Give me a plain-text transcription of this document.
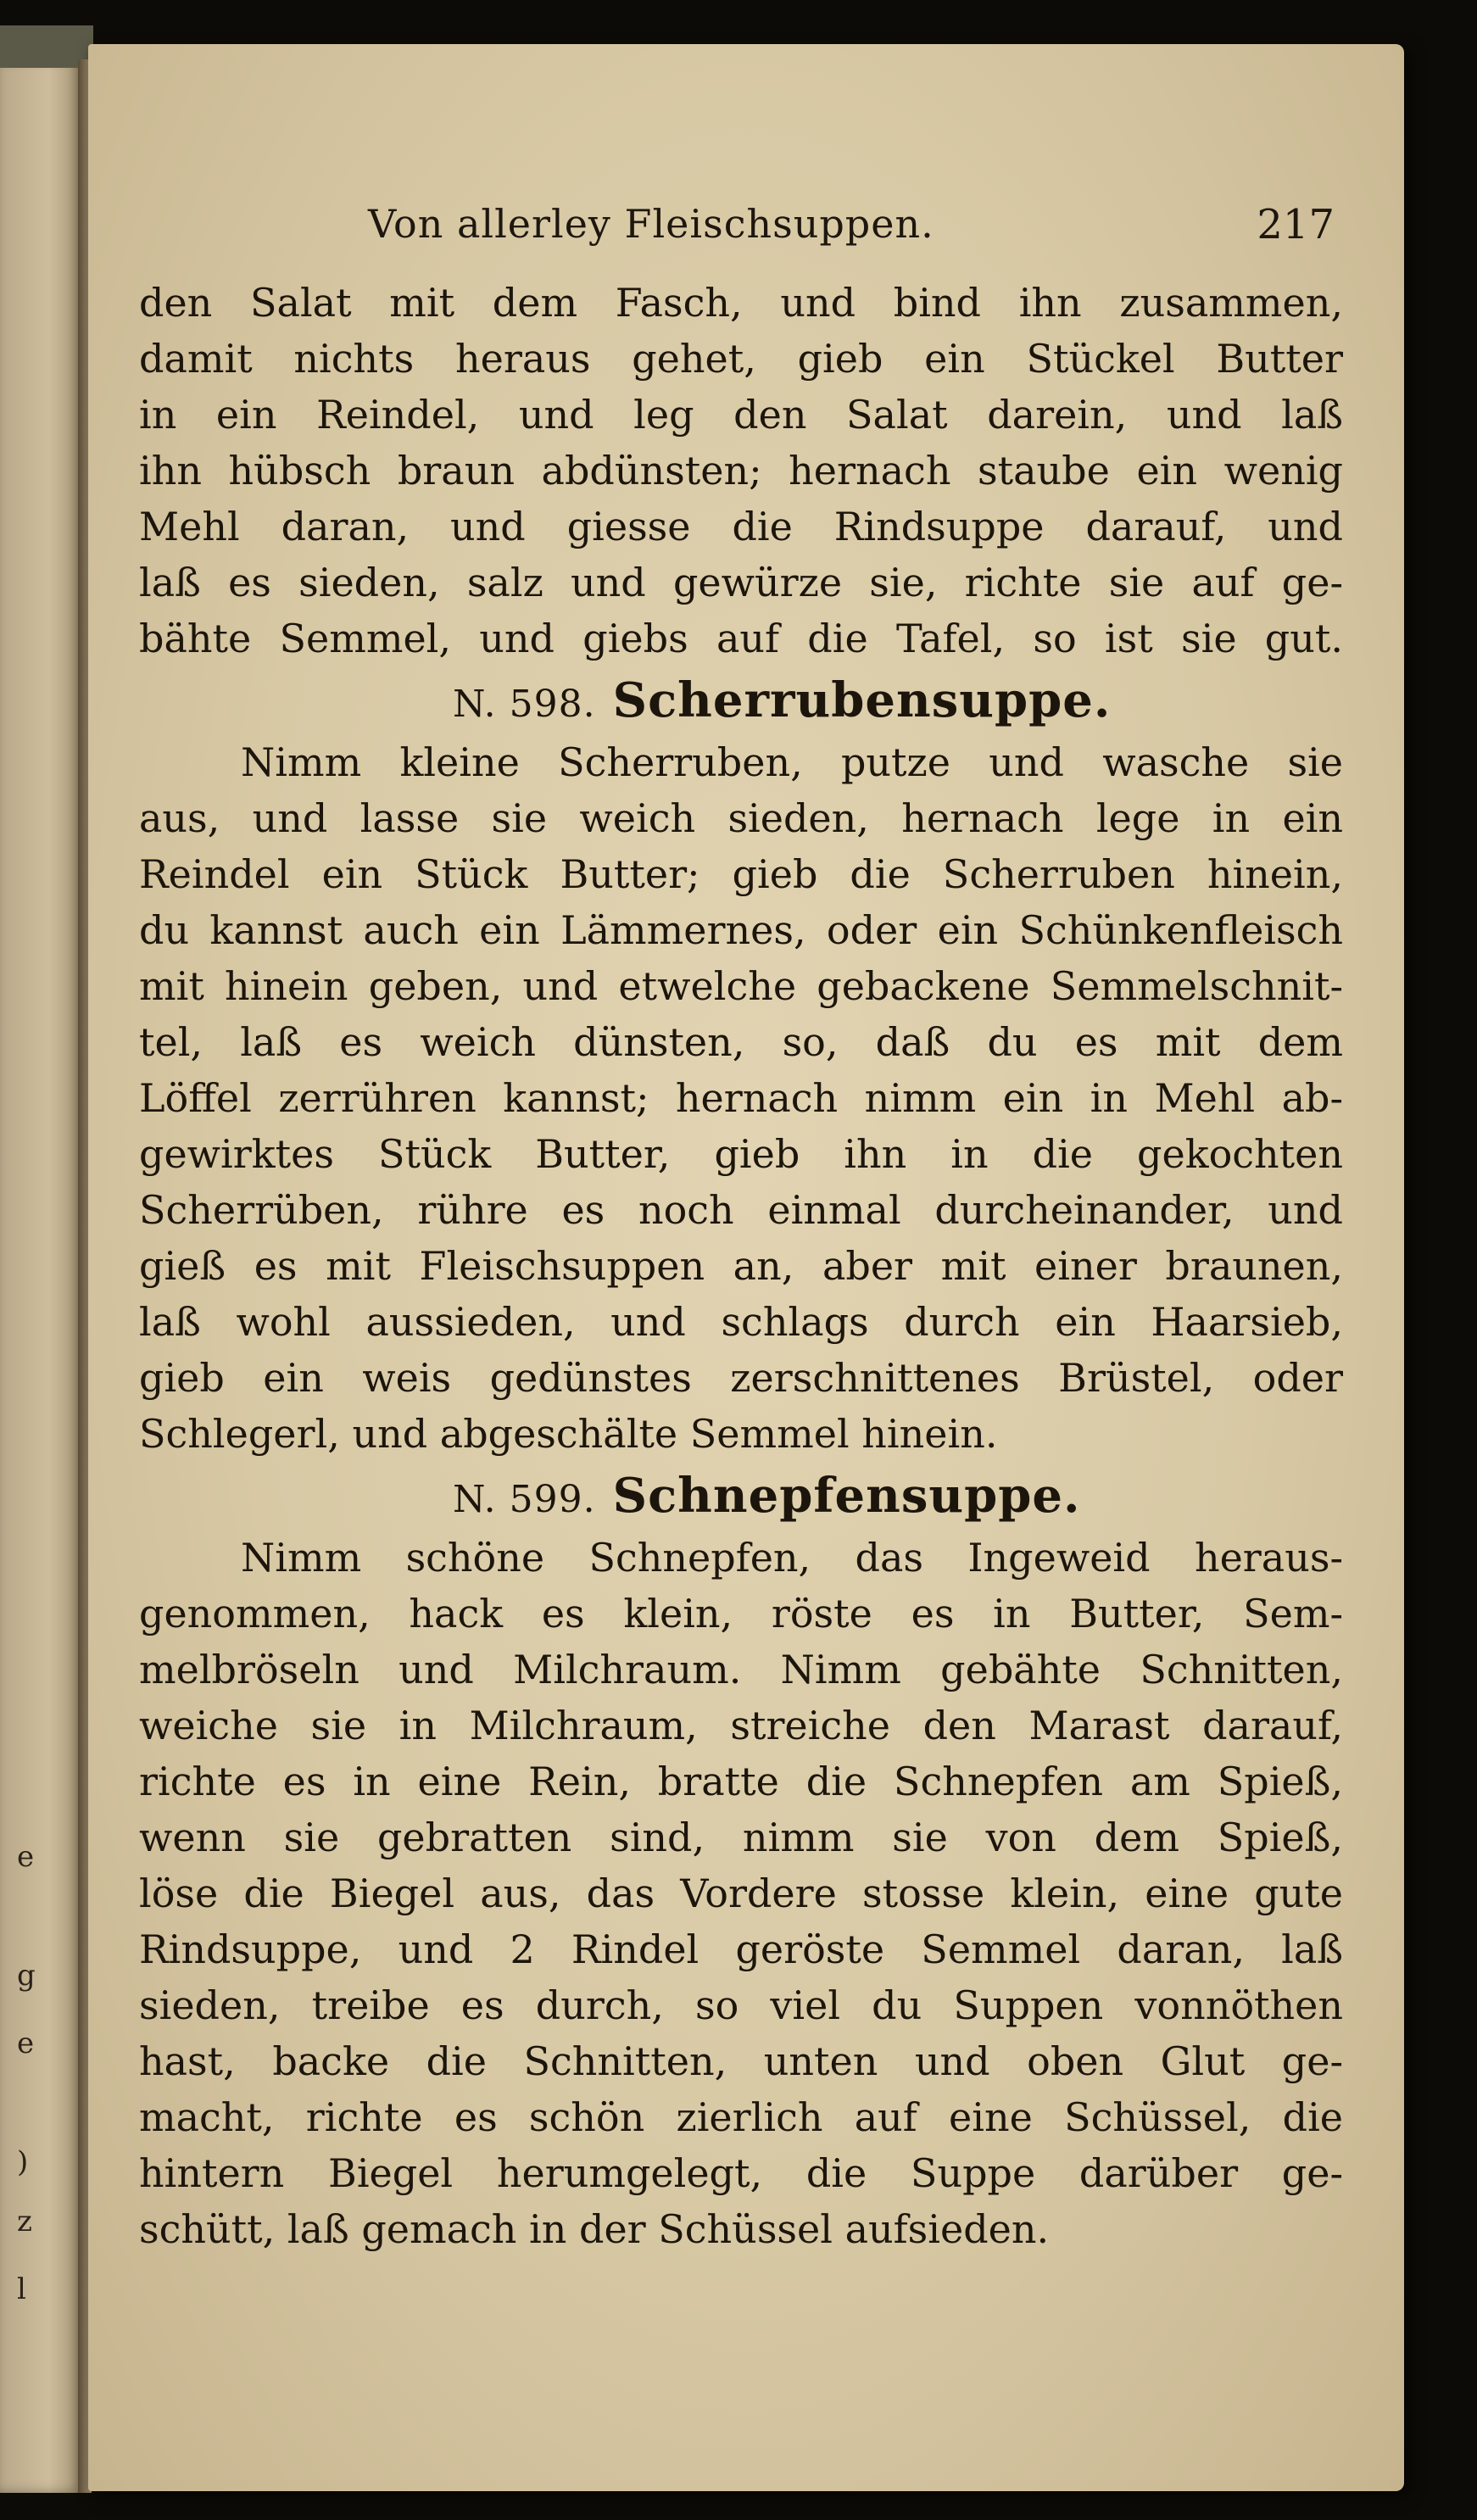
e
g
e
)
z
l
Von allerley Fleischsuppen.	217
den Salat mit dem Fasch, und bind ihn zusammen,
damit nichts heraus gehet, gieb ein Stückel Butter
in ein Reindel, und leg den Salat darein, und laß
ihn hübsch braun abdünsten; hernach staube ein wenig
Mehl daran, und giesse die Rindsuppe darauf, und
laß es sieden, salz und gewürze sie, richte sie auf ge-
bähte Semmel, und giebs auf die Tafel, so ist sie gut.
N. 598. Scherrubensuppe.
Nimm kleine Scherruben, putze und wasche sie
aus, und lasse sie weich sieden, hernach lege in ein
Reindel ein Stück Butter; gieb die Scherruben hinein,
du kannst auch ein Lämmernes, oder ein Schünkenfleisch
mit hinein geben, und etwelche gebackene Semmelschnit-
tel, laß es weich dünsten, so, daß du es mit dem
Löffel zerrühren kannst; hernach nimm ein in Mehl ab-
gewirktes Stück Butter, gieb ihn in die gekochten
Scherrüben, rühre es noch einmal durcheinander, und
gieß es mit Fleischsuppen an, aber mit einer braunen,
laß wohl aussieden, und schlags durch ein Haarsieb,
gieb ein weis gedünstes zerschnittenes Brüstel, oder
Schlegerl, und abgeschälte Semmel hinein.
N. 599. Schnepfensuppe.
Nimm schöne Schnepfen, das Ingeweid heraus-
genommen, hack es klein, röste es in Butter, Sem-
melbröseln und Milchraum. Nimm gebähte Schnitten,
weiche sie in Milchraum, streiche den Marast darauf,
richte es in eine Rein, bratte die Schnepfen am Spieß,
wenn sie gebratten sind, nimm sie von dem Spieß,
löse die Biegel aus, das Vordere stosse klein, eine gute
Rindsuppe, und 2 Rindel geröste Semmel daran, laß
sieden, treibe es durch, so viel du Suppen vonnöthen
hast, backe die Schnitten, unten und oben Glut ge-
macht, richte es schön zierlich auf eine Schüssel, die
hintern Biegel herumgelegt, die Suppe darüber ge-
schütt, laß gemach in der Schüssel aufsieden.
